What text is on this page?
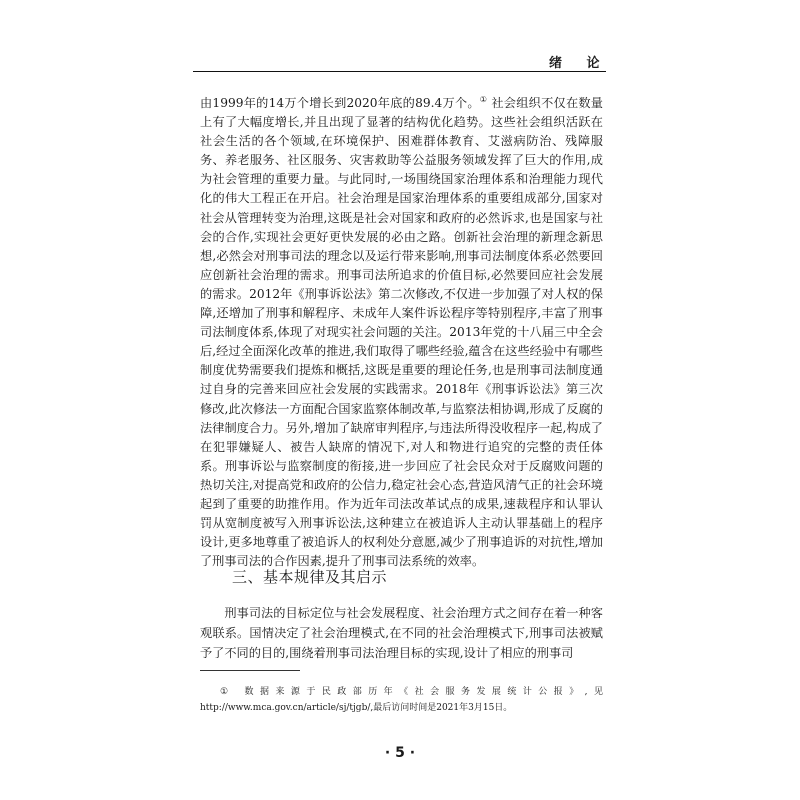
绪 论

由1999年的14万个增长到2020年底的89.4万个。① 社会组织不仅在数量上有了大幅度增长,并且出现了显著的结构优化趋势。这些社会组织活跃在社会生活的各个领域,在环境保护、困难群体教育、艾滋病防治、残障服务、养老服务、社区服务、灾害救助等公益服务领域发挥了巨大的作用,成为社会管理的重要力量。与此同时,一场围绕国家治理体系和治理能力现代化的伟大工程正在开启。社会治理是国家治理体系的重要组成部分,国家对社会从管理转变为治理,这既是社会对国家和政府的必然诉求,也是国家与社会的合作,实现社会更好更快发展的必由之路。创新社会治理的新理念新思想,必然会对刑事司法的理念以及运行带来影响,刑事司法制度体系必然要回应创新社会治理的需求。刑事司法所追求的价值目标,必然要回应社会发展的需求。2012年《刑事诉讼法》第二次修改,不仅进一步加强了对人权的保障,还增加了刑事和解程序、未成年人案件诉讼程序等特别程序,丰富了刑事司法制度体系,体现了对现实社会问题的关注。2013年党的十八届三中全会后,经过全面深化改革的推进,我们取得了哪些经验,蕴含在这些经验中有哪些制度优势需要我们提炼和概括,这既是重要的理论任务,也是刑事司法制度通过自身的完善来回应社会发展的实践需求。2018年《刑事诉讼法》第三次修改,此次修法一方面配合国家监察体制改革,与监察法相协调,形成了反腐的法律制度合力。另外,增加了缺席审判程序,与违法所得没收程序一起,构成了在犯罪嫌疑人、被告人缺席的情况下,对人和物进行追究的完整的责任体系。刑事诉讼与监察制度的衔接,进一步回应了社会民众对于反腐败问题的热切关注,对提高党和政府的公信力,稳定社会心态,营造风清气正的社会环境起到了重要的助推作用。作为近年司法改革试点的成果,速裁程序和认罪认罚从宽制度被写入刑事诉讼法,这种建立在被追诉人主动认罪基础上的程序设计,更多地尊重了被追诉人的权利处分意愿,减少了刑事追诉的对抗性,增加了刑事司法的合作因素,提升了刑事司法系统的效率。

三、基本规律及其启示

刑事司法的目标定位与社会发展程度、社会治理方式之间存在着一种客观联系。国情决定了社会治理模式,在不同的社会治理模式下,刑事司法被赋予了不同的目的,围绕着刑事司法治理目标的实现,设计了相应的刑事司

① 数据来源于民政部历年《社会服务发展统计公报》,见 http://www.mca.gov.cn/article/sj/tjgb/,最后访问时间是2021年3月15日。
· 5 ·
